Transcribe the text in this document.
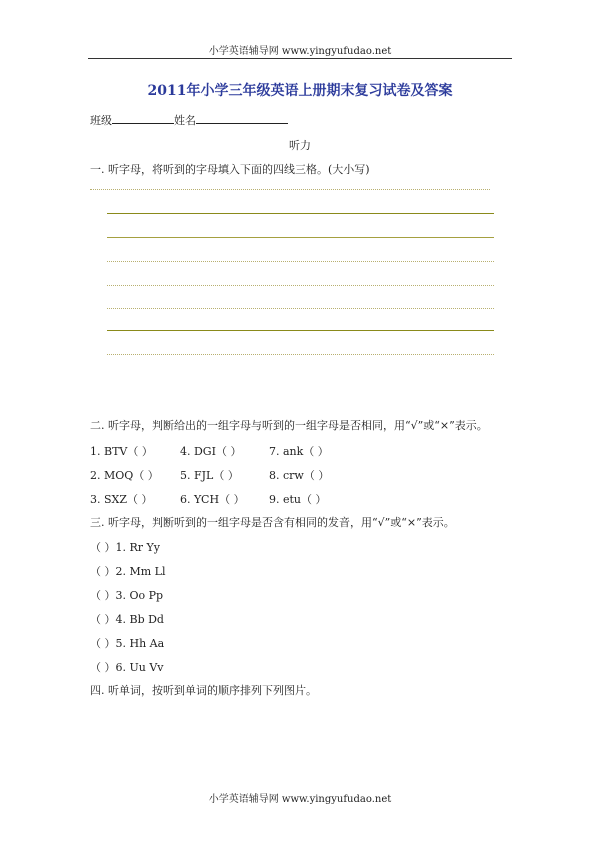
小学英语辅导网 www.yingyufudao.net
2011年小学三年级英语上册期末复习试卷及答案
班级	姓名
听力
一. 听字母，将听到的字母填入下面的四线三格。(大小写)
二. 听字母，判断给出的一组字母与听到的一组字母是否相同，用“√”或“×”表示。
1. BTV（ ） 4. DGI（ ）	7. ank（ ）
2. MOQ（ ） 5. FJL（ ）	8. crw（ ）
3. SXZ（ ）	6. YCH（ ） 9. etu（ ）
三. 听字母，判断听到的一组字母是否含有相同的发音，用“√”或“×”表示。
（ ）1. Rr Yy
（ ）2. Mm Ll
（ ）3. Oo Pp
（ ）4. Bb Dd
（ ）5. Hh Aa
（ ）6. Uu Vv
四. 听单词，按听到单词的顺序排列下列图片。
小学英语辅导网 www.yingyufudao.net
